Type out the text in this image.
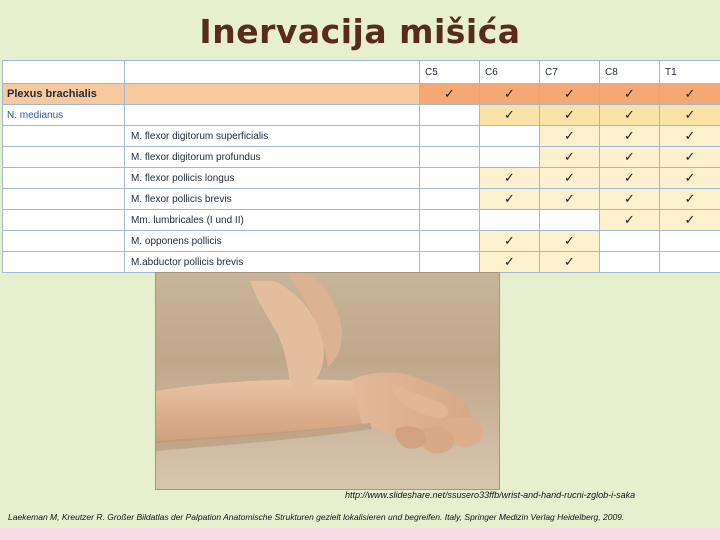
Inervacija mišića
		C5	C6	C7	C8	T1
Plexus brachialis		✓	✓	✓	✓	✓
N. medianus			✓	✓	✓	✓
	M. flexor digitorum superficialis			✓	✓	✓
	M. flexor digitorum profundus			✓	✓	✓
	M. flexor pollicis longus		✓	✓	✓	✓
	M. flexor pollicis brevis		✓	✓	✓	✓
	Mm. lumbricales (I und II)				✓	✓
	M. opponens pollicis		✓	✓		
	M.abductor pollicis brevis		✓	✓		
http://www.slideshare.net/ssusero33ffb/wrist-and-hand-rucni-zglob-i-saka
Laekeman M, Kreutzer R. Großer Bildatlas der Palpation Anatomische Strukturen gezielt lokalisieren und begreifen. Italy, Springer Medizin Verlag Heidelberg, 2009.
